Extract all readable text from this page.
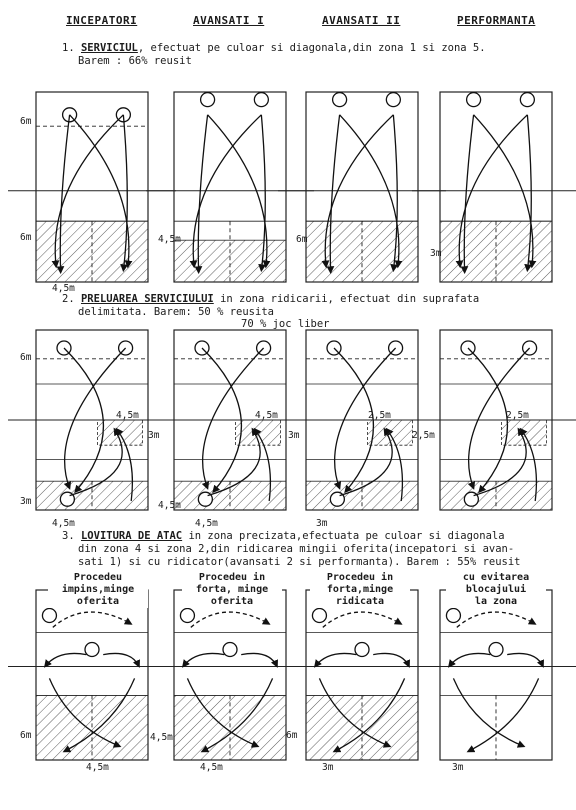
INCEPATORI	AVANSATI I	AVANSATI II	PERFORMANTA
1. SERVICIUL, efectuat pe culoar si diagonala,din zona 1 si zona 5.
Barem : 66% reusit
2. PRELUAREA SERVICIULUI in zona ridicarii, efectuat din suprafata
delimitata. Barem: 50 % reusita
70 % joc liber
3. LOVITURA DE ATAC in zona precizata,efectuata pe culoar si diagonala
din zona 4 si zona 2,din ridicarea mingii oferita(incepatori si avan-
sati 1) si cu ridicator(avansati 2 si performanta). Barem : 55% reusit
6m
6m
4,5m
4,5m	6m
3m
6m
3m
4,5m
4,5m	4,5m
3m
4,5m
4,5m
2,5m
3m
3m
2,5m
2,5m
Procedeu
impins,minge
oferita
Procedeu in
forta, minge
oferita
Procedeu in
forta,minge
ridicata
cu evitarea
blocajului
la zona
6m
4,5m
4,5m
4,5m
6m
3m	3m
